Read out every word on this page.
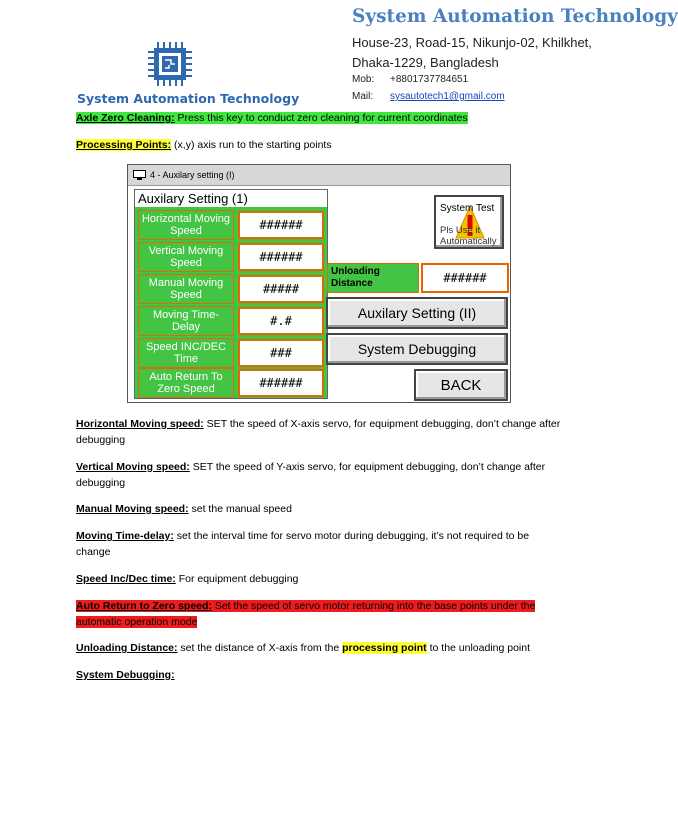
System Automation Technology
System Automation Technology
House-23, Road-15, Nikunjo-02, Khilkhet,
Dhaka-1229, Bangladesh
Mob: +8801737784651
Mail: sysautotech1@gmail.com
Axle Zero Cleaning: Press this key to conduct zero cleaning for current coordinates
Processing Points: (x,y) axis run to the starting points
4 - Auxilary setting (I)
Auxilary Setting (1)
Horizontal Moving Speed	######
Vertical Moving Speed	######
Manual Moving Speed	#####
Moving Time-Delay	#.#
Speed INC/DEC Time	###
Auto Return To Zero Speed	######
System Test
Pls Use it Automatically
Unloading Distance	######
Auxilary Setting (II)
System Debugging
BACK
Horizontal Moving speed: SET the speed of X-axis servo, for equipment debugging, don’t change after debugging
Vertical Moving speed: SET the speed of Y-axis servo, for equipment debugging, don’t change after debugging
Manual Moving speed: set the manual speed
Moving Time-delay: set the interval time for servo motor during debugging, it’s not required to be change
Speed Inc/Dec time: For equipment debugging
Auto Return to Zero speed: Set the speed of servo motor returning into the base points under the automatic operation mode
Unloading Distance: set the distance of X-axis from the processing point to the unloading point
System Debugging:
